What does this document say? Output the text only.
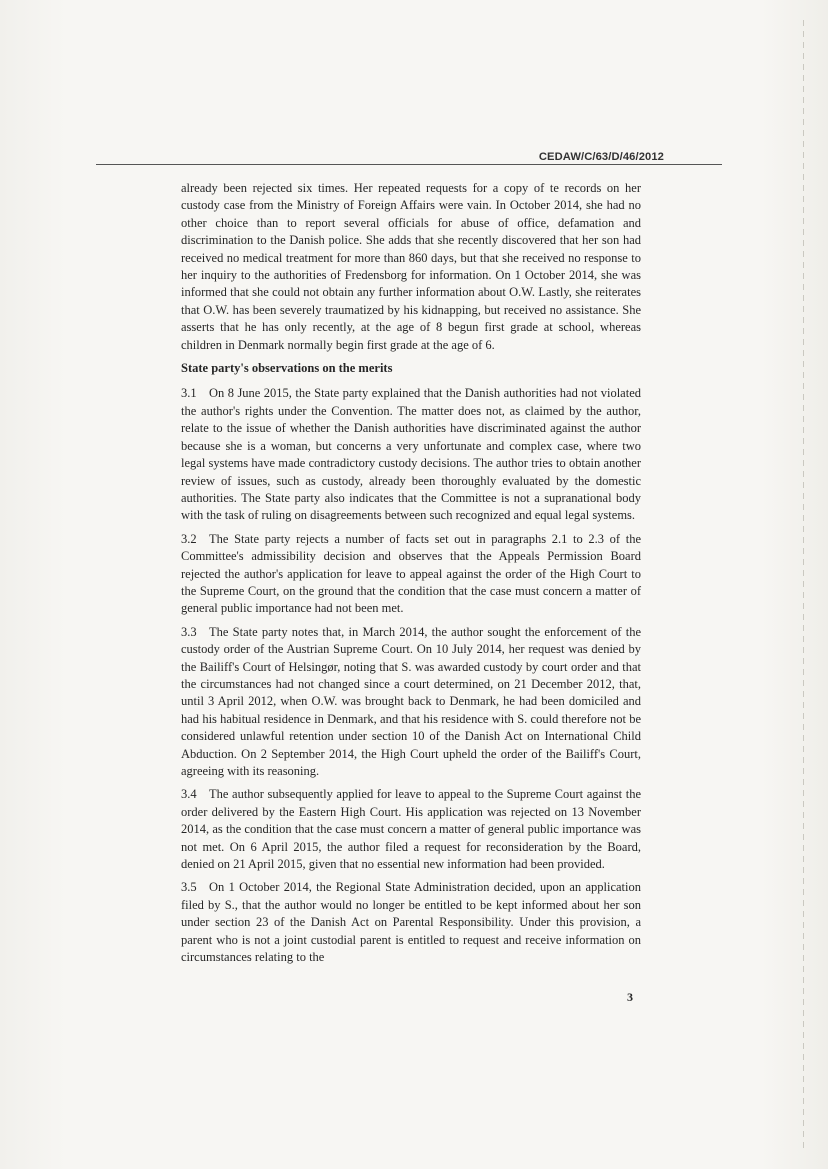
CEDAW/C/63/D/46/2012

already been rejected six times. Her repeated requests for a copy of te records on her custody case from the Ministry of Foreign Affairs were vain. In October 2014, she had no other choice than to report several officials for abuse of office, defamation and discrimination to the Danish police. She adds that she recently discovered that her son had received no medical treatment for more than 860 days, but that she received no response to her inquiry to the authorities of Fredensborg for information. On 1 October 2014, she was informed that she could not obtain any further information about O.W. Lastly, she reiterates that O.W. has been severely traumatized by his kidnapping, but received no assistance. She asserts that he has only recently, at the age of 8 begun first grade at school, whereas children in Denmark normally begin first grade at the age of 6.

State party's observations on the merits

3.1 On 8 June 2015, the State party explained that the Danish authorities had not violated the author's rights under the Convention. The matter does not, as claimed by the author, relate to the issue of whether the Danish authorities have discriminated against the author because she is a woman, but concerns a very unfortunate and complex case, where two legal systems have made contradictory custody decisions. The author tries to obtain another review of issues, such as custody, already been thoroughly evaluated by the domestic authorities. The State party also indicates that the Committee is not a supranational body with the task of ruling on disagreements between such recognized and equal legal systems.

3.2 The State party rejects a number of facts set out in paragraphs 2.1 to 2.3 of the Committee's admissibility decision and observes that the Appeals Permission Board rejected the author's application for leave to appeal against the order of the High Court to the Supreme Court, on the ground that the condition that the case must concern a matter of general public importance had not been met.

3.3 The State party notes that, in March 2014, the author sought the enforcement of the custody order of the Austrian Supreme Court. On 10 July 2014, her request was denied by the Bailiff's Court of Helsingør, noting that S. was awarded custody by court order and that the circumstances had not changed since a court determined, on 21 December 2012, that, until 3 April 2012, when O.W. was brought back to Denmark, he had been domiciled and had his habitual residence in Denmark, and that his residence with S. could therefore not be considered unlawful retention under section 10 of the Danish Act on International Child Abduction. On 2 September 2014, the High Court upheld the order of the Bailiff's Court, agreeing with its reasoning.

3.4 The author subsequently applied for leave to appeal to the Supreme Court against the order delivered by the Eastern High Court. His application was rejected on 13 November 2014, as the condition that the case must concern a matter of general public importance was not met. On 6 April 2015, the author filed a request for reconsideration by the Board, denied on 21 April 2015, given that no essential new information had been provided.

3.5 On 1 October 2014, the Regional State Administration decided, upon an application filed by S., that the author would no longer be entitled to be kept informed about her son under section 23 of the Danish Act on Parental Responsibility. Under this provision, a parent who is not a joint custodial parent is entitled to request and receive information on circumstances relating to the

3
